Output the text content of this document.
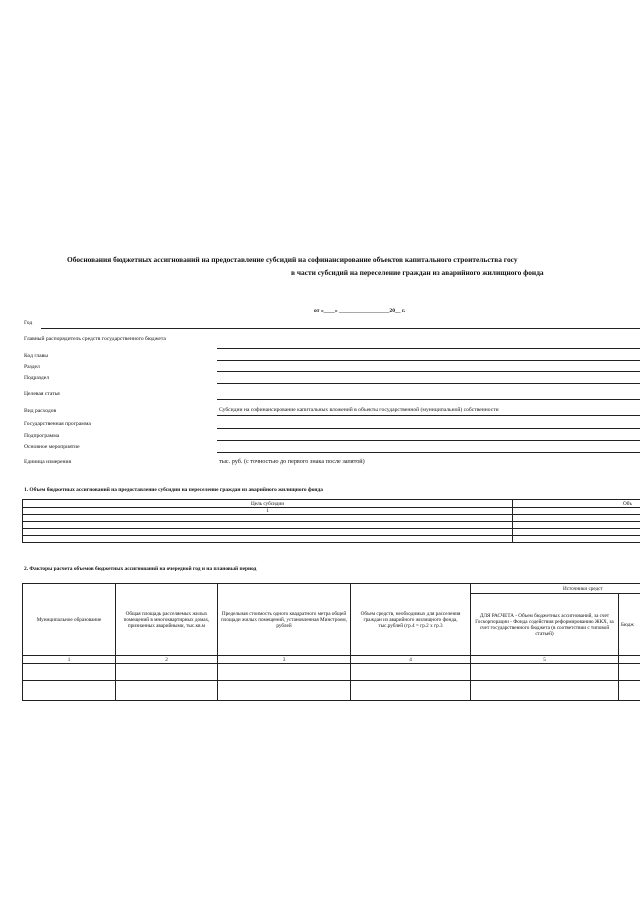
Обоснования бюджетных ассигнований на предоставление субсидий на софинансирование объектов капитального строительства госу
в части субсидий на переселение граждан из аварийного жилищного фонда
от «____» __________________20__ г.
Год
Главный распорядитель средств государственного бюджета
Код главы
Раздел
Подраздел
Целевая статья
Вид расходов	Субсидии на софинансирование капитальных вложений в объекты государственной (муниципальной) собственности
Государственная программа
Подпрограмма
Основное мероприятие
Единица измерения	тыс. руб. (с точностью до первого знака после запятой)
1. Объем бюджетных ассигнований на предоставление субсидии на переселение граждан из аварийного жилищного фонда
Цель субсидии	Объ
1	

2. Факторы расчета объемов бюджетных ассигнований на очередной год и на плановый период
Муниципальное образование	Общая площадь расселяемых жилых помещений в многоквартирных домах, признанных аварийными, тыс.кв.м	Предельная стоимость одного квадратного метра общей площади жилых помещений, установленная Минстроем, рублей	Объем средств, необходимых для расселения граждан из аварийного жилищного фонда, тыс.рублей (гр.4 = гр.2 х гр.3	Источники средст	
				ДЛЯ РАСЧЕТА - Объем бюджетных ассигнований, за счет Госкорпорации - Фонда содействия реформированию ЖКХ, за счет государственного бюджета (в соответствии с типовой статьей)	Бюдж
1	2	3	4	5	
